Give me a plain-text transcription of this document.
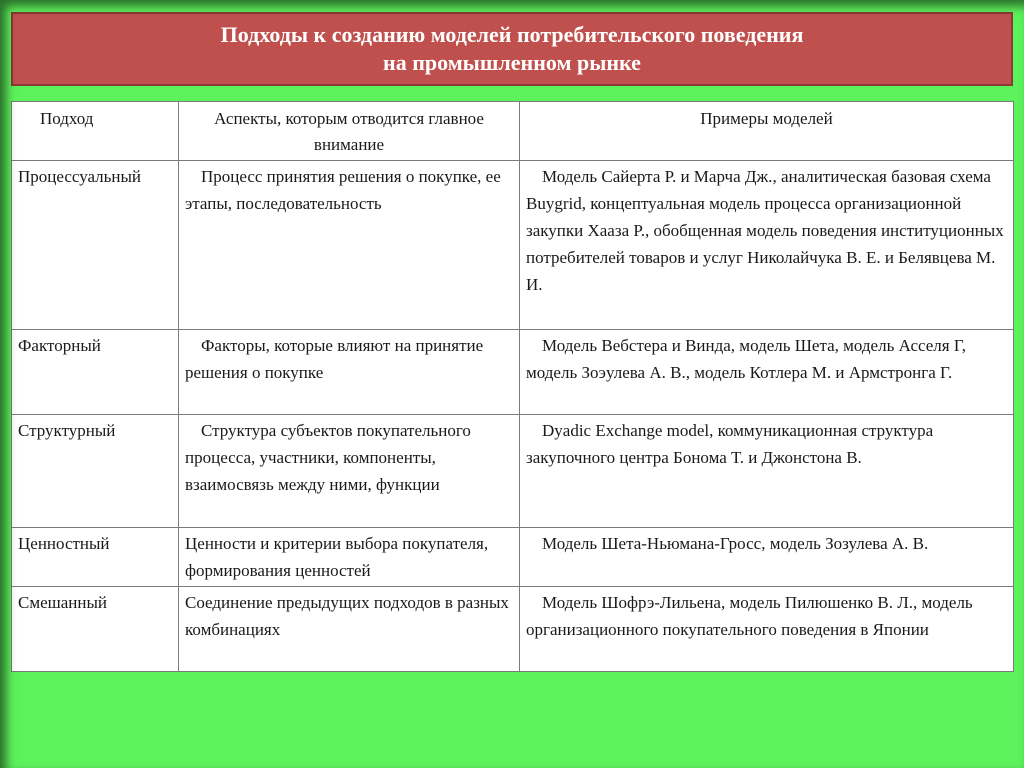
Подходы к созданию моделей потребительского поведения
на промышленном рынке
Подход	Аспекты, которым отводится главное внимание	Примеры моделей
Процессуальный	Процесс принятия решения о покупке, ее этапы, последовательность	Модель Сайерта Р. и Марча Дж., аналитическая базовая схема Buygrid, концептуальная модель процесса организационной закупки Хааза Р., обобщенная модель поведения институционных потребителей товаров и услуг Николайчука В. Е. и Белявцева М. И.

Факторный	Факторы, которые влияют на принятие решения о покупке	Модель Вебстера и Винда, модель Шета, модель Асселя Г, модель Зоэулева А. В., модель Котлера М. и Армстронга Г.

Структурный	Структура субъектов покупательного процесса, участники, компоненты, взаимосвязь между ними, функции	Dyadic Exchange model, коммуникационная структура закупочного центра Бонома Т. и Джонстона В.

Ценностный	Ценности и критерии выбора покупателя, формирования ценностей	Модель Шета-Ньюмана-Гросс, модель Зозулева А. В.

Смешанный	Соединение предыдущих подходов в разных комбинациях	Модель Шофрэ-Лильена, модель Пилюшенко В. Л., модель организационного покупательного поведения в Японии
